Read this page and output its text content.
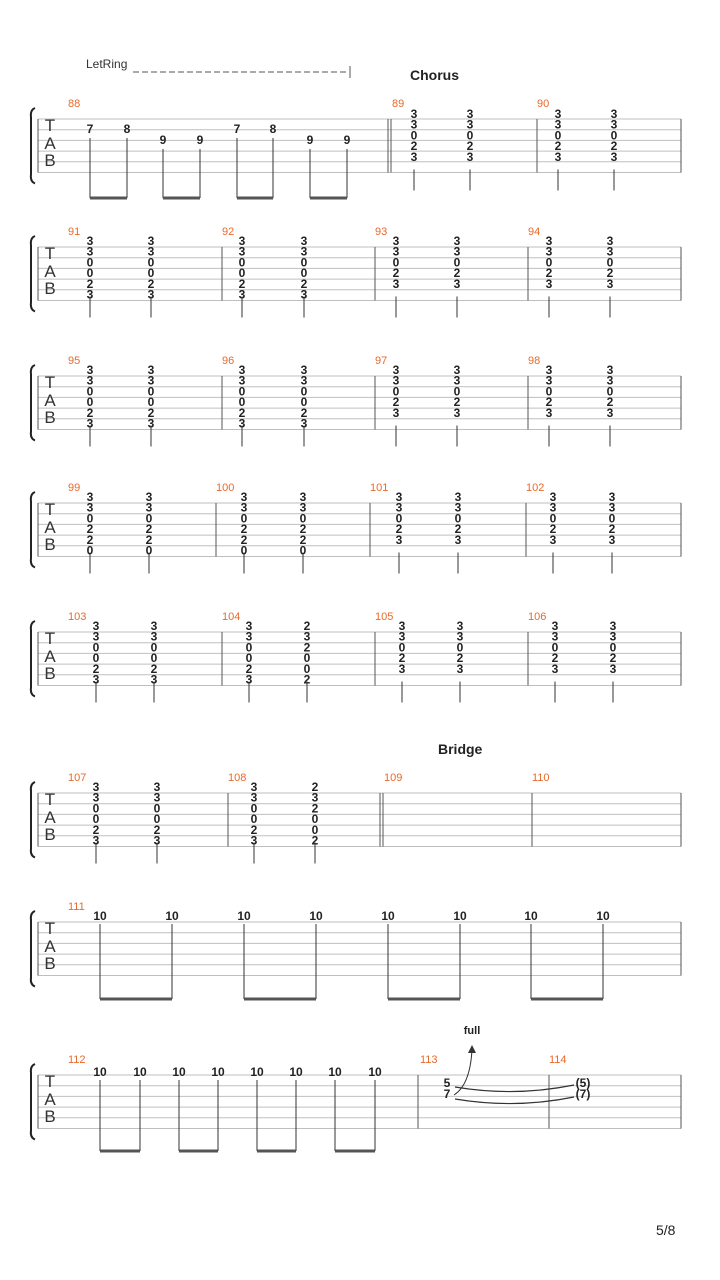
LetRing
Chorus
Bridge
5/8
T
A
B
88
7	8
9	9
7 8
9	9
89
3
3
0
2
3
3
3
0
2
3
90
3
3
0
2
3
3
3
0
2
3
T
A
B
91
3
3
0
0
2
3
3
3
0
0
2
3
92
3
3
0
0
2
3
3
3
0
0
2
3
93
3
3
0
2
3
3
3
0
2
3
94
3
3
0
2
3
3
3
0
2
3
T
A
B
95
3
3
0
0
2
3
3
3
0
0
2
3
96
3
3
0
0
2
3
3
3
0
0
2
3
97
3
3
0
2
3
3
3
0
2
3
98
3
3
0
2
3
3
3
0
2
3
T
A
B
99
3
3
0
2
2
0
3
3
0
2
2
0
100
3
3
0
2
2
0
3
3
0
2
2
0
101
3
3
0
2
3
3
3
0
2
3
102
3
3
0
2
3
3
3
0
2
3
T
A
B
103
3
3
0
0
2
3
3
3
0
0
2
3
104
3
3
0
0
2
3
2
3
2
0
0
2
105
3
3
0
2
3
3
3
0
2
3
106
3
3
0
2
3
3
3
0
2
3
T
A
B
107
3
3
0
0
2
3
3
3
0
0
2
3
108
3
3
0
0
2
3
2
3
2
0
0
2
109	110
T
A
B
111
10	10	10	10	10	10	10	10
T
A
B
112
10 10 10 10 10 10 10 10
113
5
7
114
(5)
(7)
full
